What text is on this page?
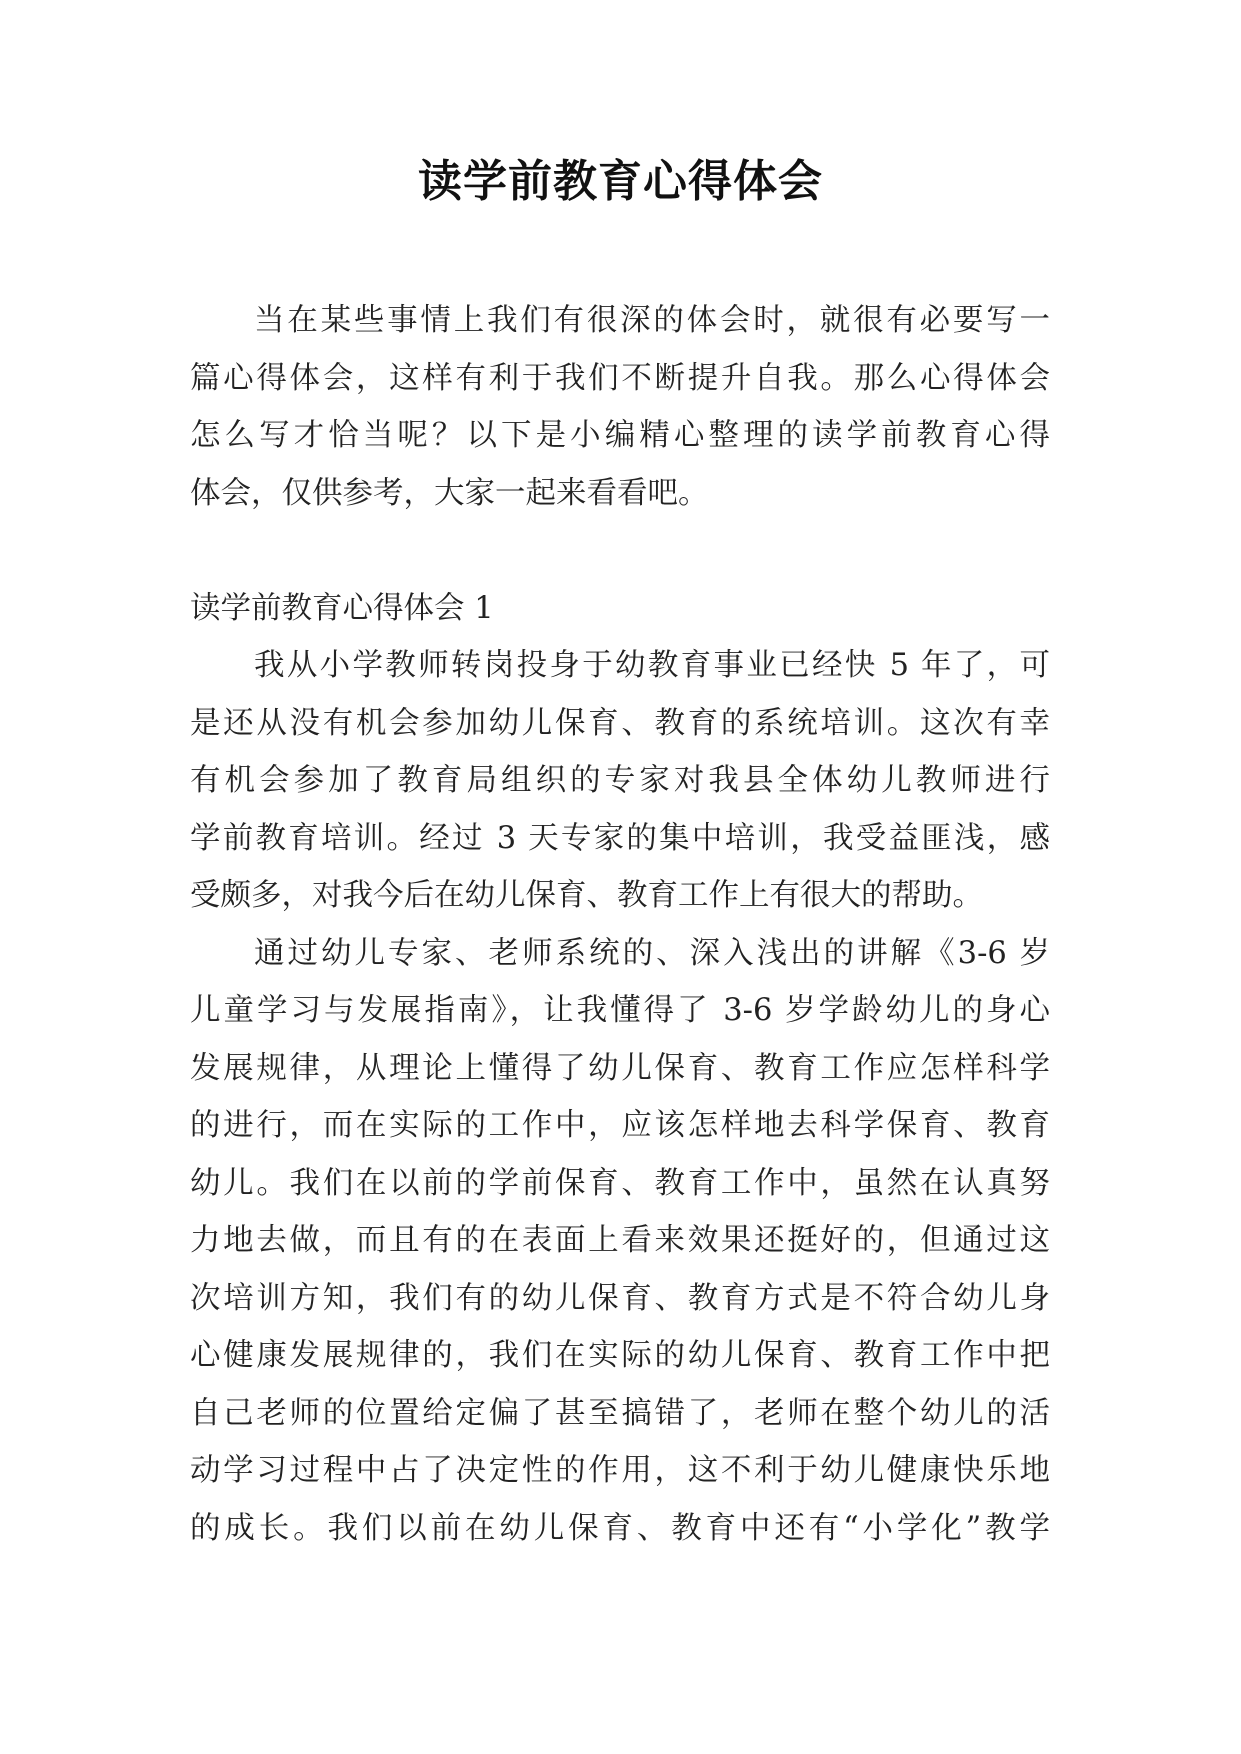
读学前教育心得体会
当在某些事情上我们有很深的体会时，就很有必要写一
篇心得体会，这样有利于我们不断提升自我。那么心得体会
怎么写才恰当呢？以下是小编精心整理的读学前教育心得
体会，仅供参考，大家一起来看看吧。
读学前教育心得体会 1
我从小学教师转岗投身于幼教育事业已经快 5 年了，可
是还从没有机会参加幼儿保育、教育的系统培训。这次有幸
有机会参加了教育局组织的专家对我县全体幼儿教师进行
学前教育培训。经过 3 天专家的集中培训，我受益匪浅，感
受颇多，对我今后在幼儿保育、教育工作上有很大的帮助。
通过幼儿专家、老师系统的、深入浅出的讲解《3-6 岁
儿童学习与发展指南》，让我懂得了 3-6 岁学龄幼儿的身心
发展规律，从理论上懂得了幼儿保育、教育工作应怎样科学
的进行，而在实际的工作中，应该怎样地去科学保育、教育
幼儿。我们在以前的学前保育、教育工作中，虽然在认真努
力地去做，而且有的在表面上看来效果还挺好的，但通过这
次培训方知，我们有的幼儿保育、教育方式是不符合幼儿身
心健康发展规律的，我们在实际的幼儿保育、教育工作中把
自己老师的位置给定偏了甚至搞错了，老师在整个幼儿的活
动学习过程中占了决定性的作用，这不利于幼儿健康快乐地
的成长。我们以前在幼儿保育、教育中还有“小学化”教学
